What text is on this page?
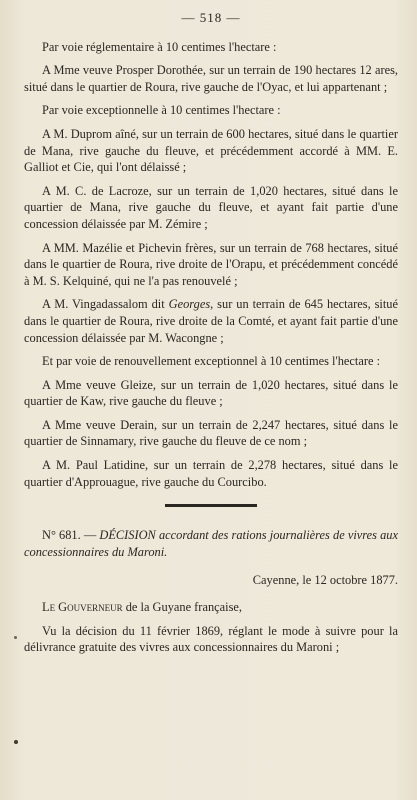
— 518 —

Par voie réglementaire à 10 centimes l'hectare :

A Mme veuve Prosper Dorothée, sur un terrain de 190 hectares 12 ares, situé dans le quartier de Roura, rive gauche de l'Oyac, et lui appartenant ;

Par voie exceptionnelle à 10 centimes l'hectare :

A M. Duprom aîné, sur un terrain de 600 hectares, situé dans le quartier de Mana, rive gauche du fleuve, et précédemment accordé à MM. E. Galliot et Cie, qui l'ont délaissé ;

A M. C. de Lacroze, sur un terrain de 1,020 hectares, situé dans le quartier de Mana, rive gauche du fleuve, et ayant fait partie d'une concession délaissée par M. Zémire ;

A MM. Mazélie et Pichevin frères, sur un terrain de 768 hectares, situé dans le quartier de Roura, rive droite de l'Orapu, et précédemment concédé à M. S. Kelquiné, qui ne l'a pas renouvelé ;

A M. Vingadassalom dit Georges, sur un terrain de 645 hectares, situé dans le quartier de Roura, rive droite de la Comté, et ayant fait partie d'une concession délaissée par M. Wacongne ;

Et par voie de renouvellement exceptionnel à 10 centimes l'hectare :

A Mme veuve Gleize, sur un terrain de 1,020 hectares, situé dans le quartier de Kaw, rive gauche du fleuve ;

A Mme veuve Derain, sur un terrain de 2,247 hectares, situé dans le quartier de Sinnamary, rive gauche du fleuve de ce nom ;

A M. Paul Latidine, sur un terrain de 2,278 hectares, situé dans le quartier d'Approuague, rive gauche du Courcibo.

N° 681. — DÉCISION accordant des rations journalières de vivres aux concessionnaires du Maroni.

Cayenne, le 12 octobre 1877.

Le Gouverneur de la Guyane française,

Vu la décision du 11 février 1869, réglant le mode à suivre pour la délivrance gratuite des vivres aux concessionnaires du Maroni ;
